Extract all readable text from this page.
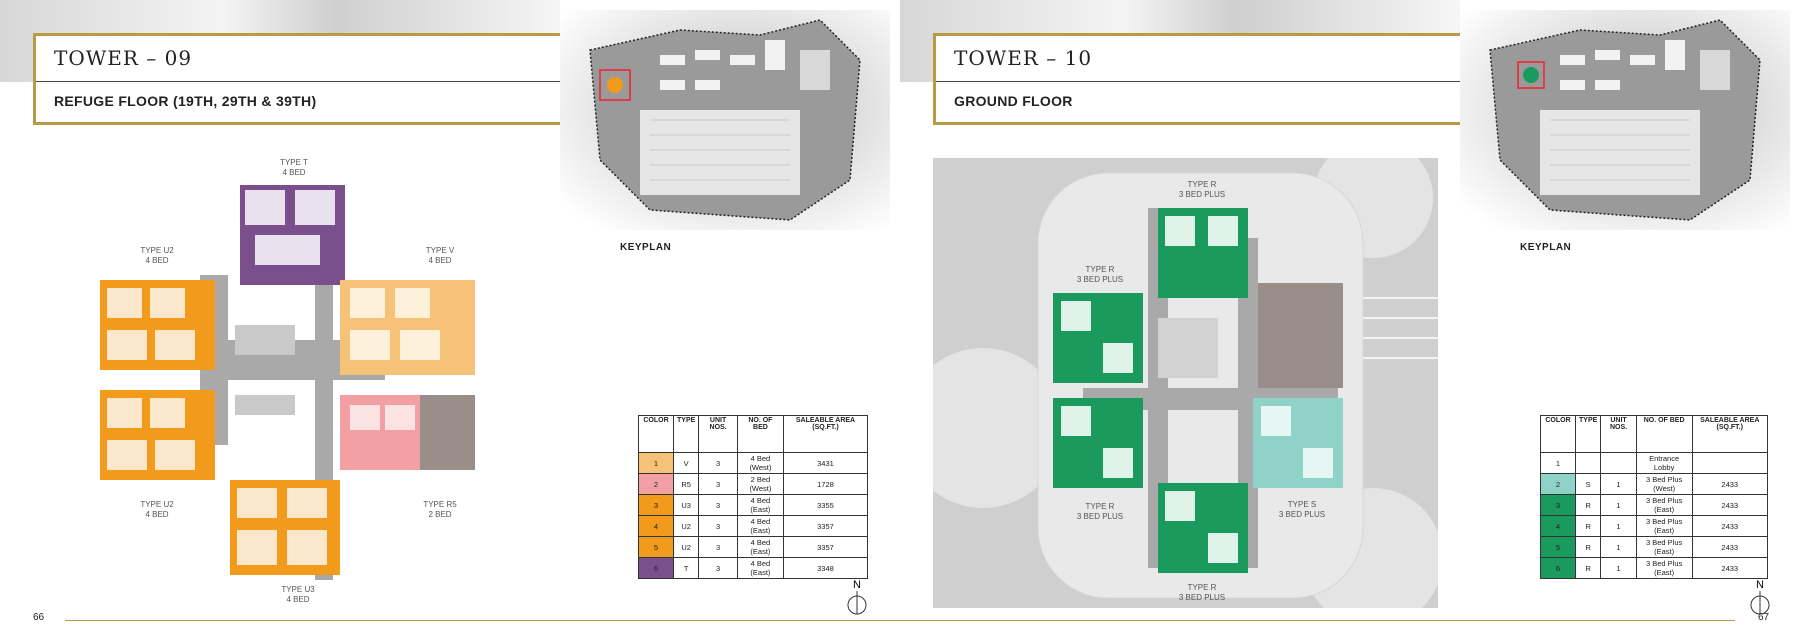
TOWER – 09
REFUGE FLOOR (19TH, 29TH & 39TH)
KEYPLAN
TYPE T
4 BED
TYPE U2
4 BED
TYPE V
4 BED
TYPE U2
4 BED
TYPE R5
2 BED
TYPE U3
4 BED
COLOR	TYPE	UNIT NOS.	NO. OF BED	SALEABLE AREA (SQ.FT.)
1	V	3	4 Bed (West)	3431
2	R5	3	2 Bed (West)	1728
3	U3	3	4 Bed (East)	3355
4	U2	3	4 Bed (East)	3357
5	U2	3	4 Bed (East)	3357
6	T	3	4 Bed (East)	3348
66
N
TOWER – 10
GROUND FLOOR
KEYPLAN
TYPE R
3 BED PLUS
TYPE R
3 BED PLUS
TYPE R
3 BED PLUS
TYPE S
3 BED PLUS
TYPE R
3 BED PLUS
COLOR	TYPE	UNIT NOS.	NO. OF BED	SALEABLE AREA (SQ.FT.)
1			Entrance Lobby	
2	S	1	3 Bed Plus (West)	2433
3	R	1	3 Bed Plus (East)	2433
4	R	1	3 Bed Plus (East)	2433
5	R	1	3 Bed Plus (East)	2433
6	R	1	3 Bed Plus (East)	2433
67
N
